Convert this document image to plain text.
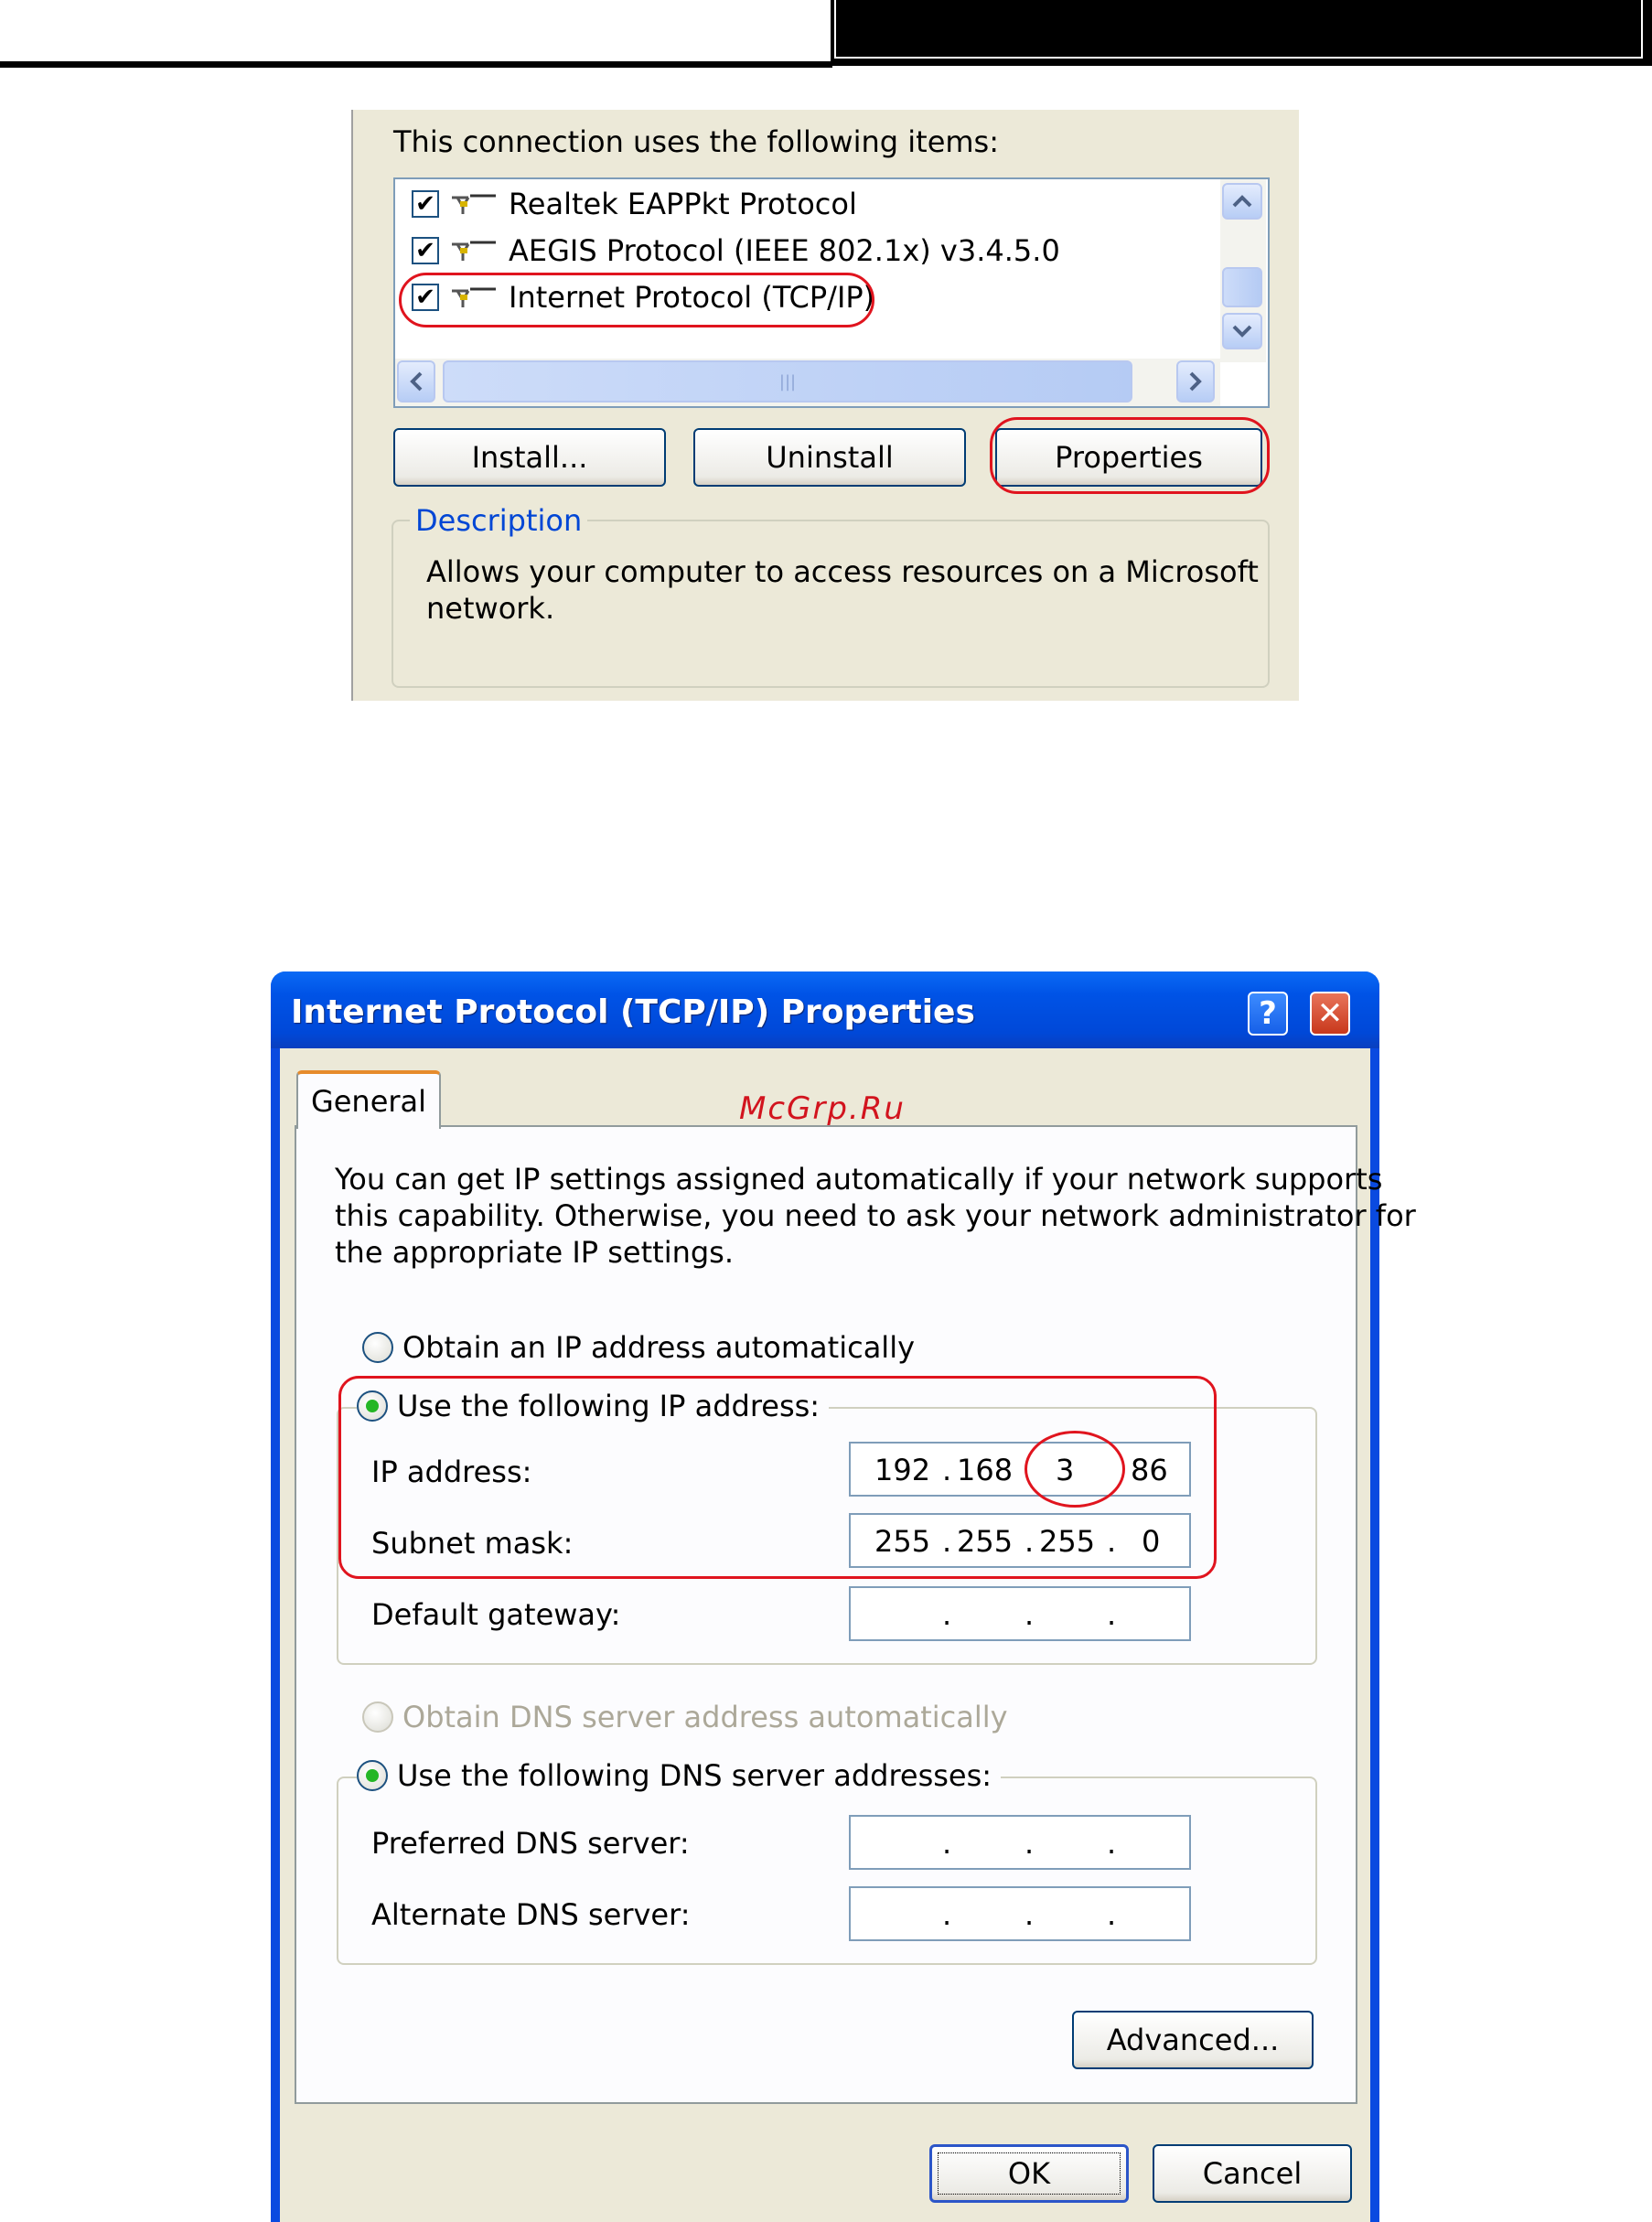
This connection uses the following items:
✔	Realtek EAPPkt Protocol
✔	AEGIS Protocol (IEEE 802.1x) v3.4.5.0
✔	Internet Protocol (TCP/IP)
|||
Install...	Uninstall	Properties
Description
Allows your computer to access resources on a Microsoft
network.
Internet Protocol (TCP/IP) Properties	? ✕
General	McGrp.Ru
You can get IP settings assigned automatically if your network supports
this capability. Otherwise, you need to ask your network administrator for
the appropriate IP settings.
Obtain an IP address automatically
Use the following IP address:
IP address:	192 . 168 3 86
Subnet mask:	255 . 255 . 255 . 0
Default gateway:	. . .
Obtain DNS server address automatically
Use the following DNS server addresses:
Preferred DNS server:	. . .
Alternate DNS server:	. . .
Advanced...
OK	Cancel
